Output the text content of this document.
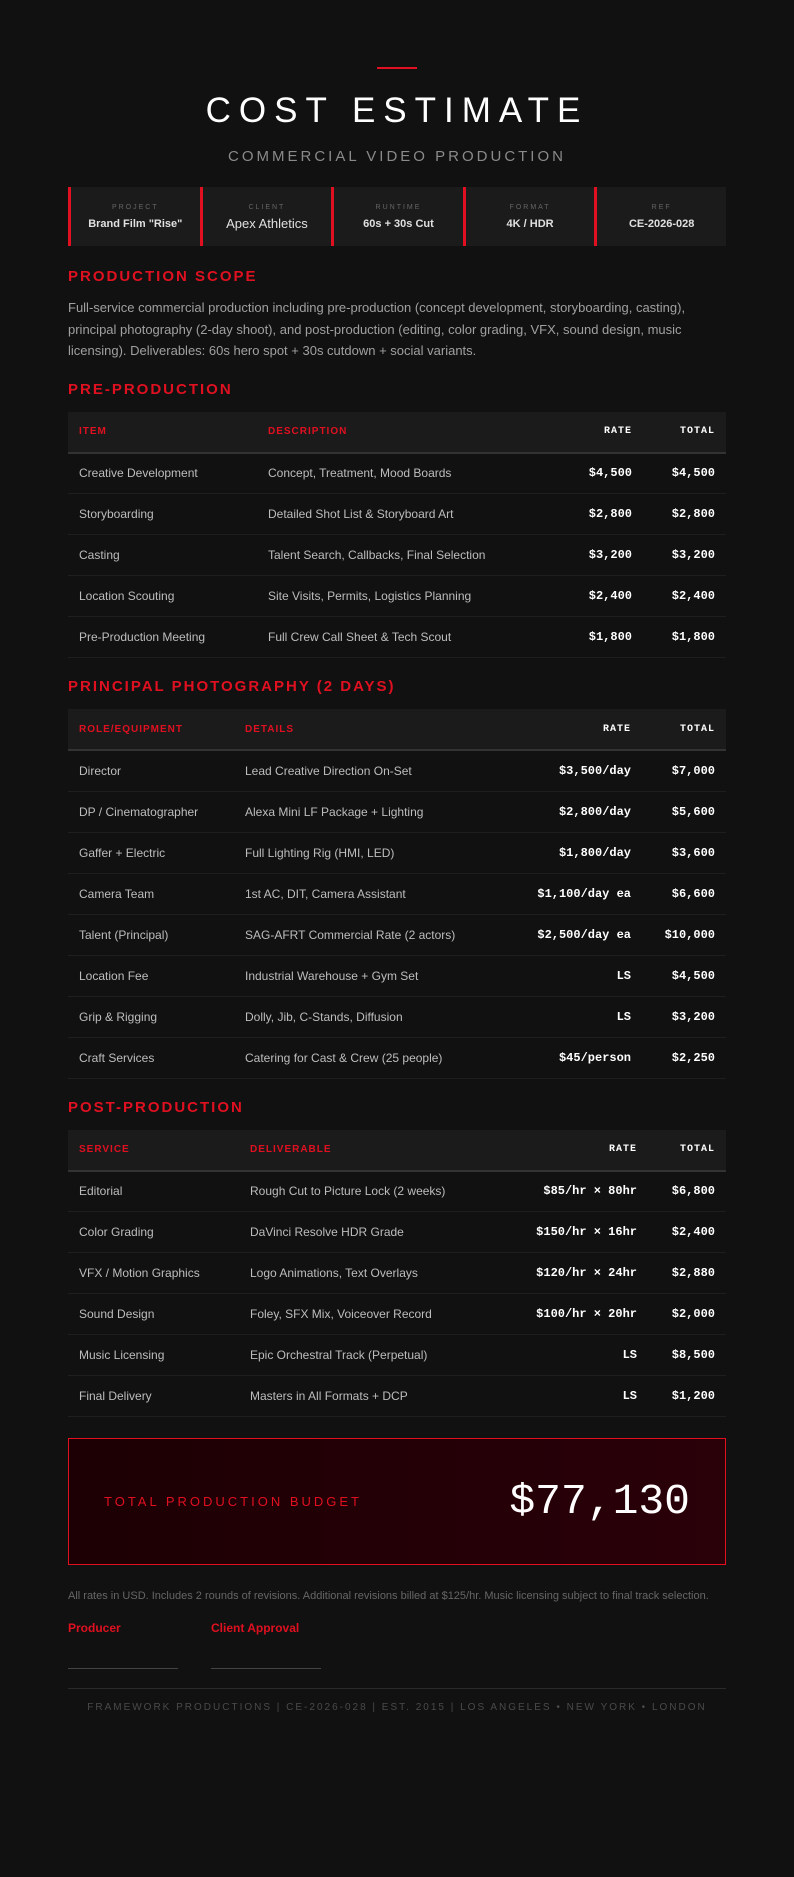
COST ESTIMATE
COMMERCIAL VIDEO PRODUCTION
PROJECT
Brand Film "Rise"
CLIENT
Apex Athletics
RUNTIME
60s + 30s Cut
FORMAT
4K / HDR
REF
CE-2026-028
PRODUCTION SCOPE

Full-service commercial production including pre-production (concept development, storyboarding, casting), principal photography (2-day shoot), and post-production (editing, color grading, VFX, sound design, music licensing). Deliverables: 60s hero spot + 30s cutdown + social variants.

PRE-PRODUCTION
ITEM	DESCRIPTION	RATE	TOTAL
Creative Development	Concept, Treatment, Mood Boards	$4,500	$4,500
Storyboarding	Detailed Shot List & Storyboard Art	$2,800	$2,800
Casting	Talent Search, Callbacks, Final Selection	$3,200	$3,200
Location Scouting	Site Visits, Permits, Logistics Planning	$2,400	$2,400
Pre-Production Meeting	Full Crew Call Sheet & Tech Scout	$1,800	$1,800
PRINCIPAL PHOTOGRAPHY (2 DAYS)
ROLE/EQUIPMENT	DETAILS	RATE	TOTAL
Director	Lead Creative Direction On-Set	$3,500/day	$7,000
DP / Cinematographer	Alexa Mini LF Package + Lighting	$2,800/day	$5,600
Gaffer + Electric	Full Lighting Rig (HMI, LED)	$1,800/day	$3,600
Camera Team	1st AC, DIT, Camera Assistant	$1,100/day ea	$6,600
Talent (Principal)	SAG-AFRT Commercial Rate (2 actors)	$2,500/day ea	$10,000
Location Fee	Industrial Warehouse + Gym Set	LS	$4,500
Grip & Rigging	Dolly, Jib, C-Stands, Diffusion	LS	$3,200
Craft Services	Catering for Cast & Crew (25 people)	$45/person	$2,250
POST-PRODUCTION
SERVICE	DELIVERABLE	RATE	TOTAL
Editorial	Rough Cut to Picture Lock (2 weeks)	$85/hr × 80hr	$6,800
Color Grading	DaVinci Resolve HDR Grade	$150/hr × 16hr	$2,400
VFX / Motion Graphics	Logo Animations, Text Overlays	$120/hr × 24hr	$2,880
Sound Design	Foley, SFX Mix, Voiceover Record	$100/hr × 20hr	$2,000
Music Licensing	Epic Orchestral Track (Perpetual)	LS	$8,500
Final Delivery	Masters in All Formats + DCP	LS	$1,200
TOTAL PRODUCTION BUDGET	$77,130

All rates in USD. Includes 2 rounds of revisions. Additional revisions billed at $125/hr. Music licensing subject to final track selection.

Producer	Client Approval
FRAMEWORK PRODUCTIONS | CE-2026-028 | EST. 2015 | LOS ANGELES • NEW YORK • LONDON
